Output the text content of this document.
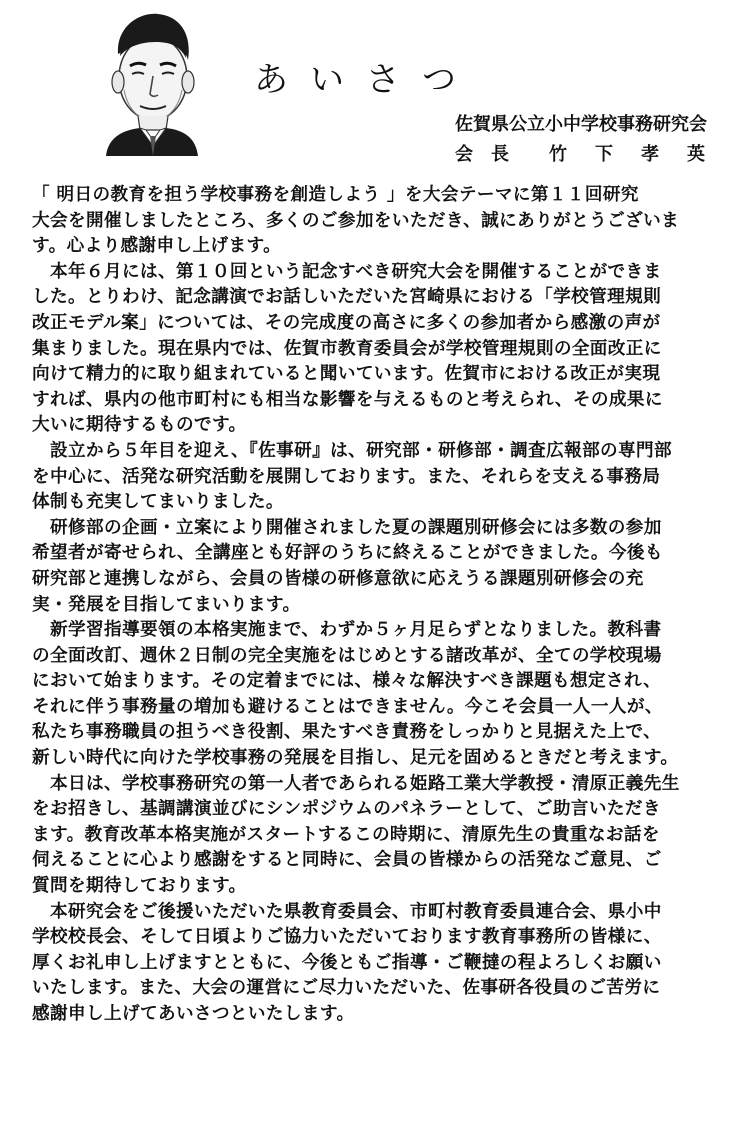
あいさつ
佐賀県公立小中学校事務研究会
会長 竹下孝英

「 明日の教育を担う学校事務を創造しよう 」を大会テーマに第１１回研究
大会を開催しましたところ、多くのご参加をいただき、誠にありがとうございま
す。心より感謝申し上げます。

　本年６月には、第１０回という記念すべき研究大会を開催することができま
した。とりわけ、記念講演でお話しいただいた宮崎県における「学校管理規則
改正モデル案」については、その完成度の高さに多くの参加者から感激の声が
集まりました。現在県内では、佐賀市教育委員会が学校管理規則の全面改正に
向けて精力的に取り組まれていると聞いています。佐賀市における改正が実現
すれば、県内の他市町村にも相当な影響を与えるものと考えられ、その成果に
大いに期待するものです。

　設立から５年目を迎え、『佐事研』は、研究部・研修部・調査広報部の専門部
を中心に、活発な研究活動を展開しております。また、それらを支える事務局
体制も充実してまいりました。

　研修部の企画・立案により開催されました夏の課題別研修会には多数の参加
希望者が寄せられ、全講座とも好評のうちに終えることができました。今後も
研究部と連携しながら、会員の皆様の研修意欲に応えうる課題別研修会の充
実・発展を目指してまいります。

　新学習指導要領の本格実施まで、わずか５ヶ月足らずとなりました。教科書
の全面改訂、週休２日制の完全実施をはじめとする諸改革が、全ての学校現場
において始まります。その定着までには、様々な解決すべき課題も想定され、
それに伴う事務量の増加も避けることはできません。今こそ会員一人一人が、
私たち事務職員の担うべき役割、果たすべき責務をしっかりと見据えた上で、
新しい時代に向けた学校事務の発展を目指し、足元を固めるときだと考えます。

　本日は、学校事務研究の第一人者であられる姫路工業大学教授・清原正義先生
をお招きし、基調講演並びにシンポジウムのパネラーとして、ご助言いただき
ます。教育改革本格実施がスタートするこの時期に、清原先生の貴重なお話を
伺えることに心より感謝をすると同時に、会員の皆様からの活発なご意見、ご
質問を期待しております。

　本研究会をご後援いただいた県教育委員会、市町村教育委員連合会、県小中
学校校長会、そして日頃よりご協力いただいております教育事務所の皆様に、
厚くお礼申し上げますとともに、今後ともご指導・ご鞭撻の程よろしくお願い
いたします。また、大会の運営にご尽力いただいた、佐事研各役員のご苦労に
感謝申し上げてあいさつといたします。
